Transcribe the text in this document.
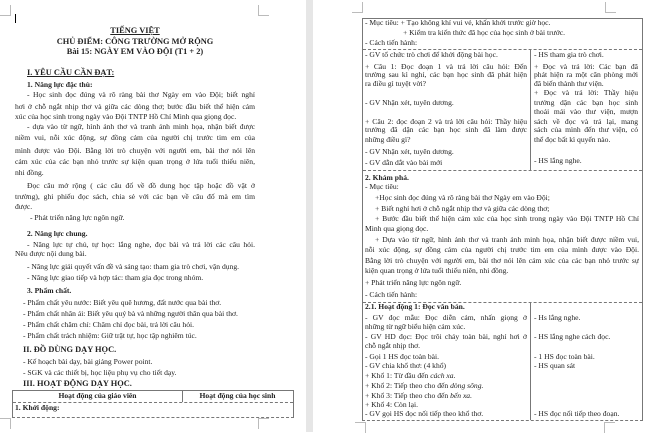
TIẾNG VIỆT
CHỦ ĐIỂM: CÔNG TRƯỜNG MỞ RỘNG
Bài 15: NGÀY EM VÀO ĐỘI (T1 + 2)
I. YÊU CẦU CẦN ĐẠT:
1. Năng lực đặc thù:
- Học sinh đọc đúng và rõ ràng bài thơ Ngày em vào Đội; biết nghỉ
hơi ở chỗ ngắt nhịp thơ và giữa các dòng thơ; bước đầu biết thể hiện cảm
xúc của học sinh trong ngày vào Đội TNTP Hồ Chí Minh qua giọng đọc.
- dựa vào từ ngữ, hình ảnh thơ và tranh ảnh minh họa, nhận biết được
niềm vui, nỗi xúc động, sự đồng cảm của người chị trước tim em của
mình được vào Đội. Bằng lời trò chuyện với người em, bài thơ nói lên
cảm xúc của các bạn nhỏ trước sự kiện quan trọng ở lứa tuổi thiếu niên,
nhi đồng.
Đọc câu mở rộng ( các câu đố về đồ dung học tập hoặc đồ vật ở
trường), ghi phiếu đọc sách, chia sẻ với các bạn về câu đố mà em tìm
được.
- Phát triển năng lực ngôn ngữ.
2. Năng lực chung.
- Năng lực tự chủ, tự học: lắng nghe, đọc bài và trả lời các câu hỏi.
Nêu được nội dung bài.
- Năng lực giải quyết vấn đề và sáng tạo: tham gia trò chơi, vận dụng.
- Năng lực giao tiếp và hợp tác: tham gia đọc trong nhóm.
3. Phẩm chất.
- Phẩm chất yêu nước: Biết yêu quê hương, đất nước qua bài thơ.
- Phẩm chất nhân ái: Biết yêu quý bà và những người thân qua bài thơ.
- Phẩm chất chăm chỉ: Chăm chỉ đọc bài, trả lời câu hỏi.
- Phẩm chất trách nhiệm: Giữ trật tự, học tập nghiêm túc.
II. ĐỒ DÙNG DẠY HỌC.
- Kế hoạch bài dạy, bài giảng Power point.
- SGK và các thiết bị, học liệu phụ vụ cho tiết dạy.
III. HOẠT ĐỘNG DẠY HỌC.
Hoạt động của giáo viên	Hoạt động của học sinh
1. Khởi động:
- Mục tiêu: + Tạo không khí vui vẻ, khấn khởi trước giờ học.
+ Kiểm tra kiến thức đã học của học sinh ở bài trước.
- Cách tiến hành:
- GV tổ chức trò chơi để khởi động bài học.
+ Câu 1: Đọc đoạn 1 và trả lời câu hỏi: Đến
trường sau kì nghỉ, các bạn học sinh đã phát hiện
ra điều gì tuyệt vời?
- GV Nhận xét, tuyên dương.
+ Câu 2: đọc đoạn 2 và trả lời câu hỏi: Thầy hiệu
trưởng đã dặn các bạn học sinh đã làm được
những điều gì?
- GV Nhận xét, tuyên dương.
- GV dẫn dắt vào bài mới
- HS tham gia trò chơi.
+ Đọc và trả lời: Các bạn đã
phát hiện ra một căn phòng mới
đã biến thành thư viện.
+ Đọc và trả lời: Thầy hiệu
trưởng dặn các bạn học sinh
thoải mái vào thư viện, mượn
sách về đọc và trả lại, mang
sách của mình đến thư viện, có
thể đọc bất kì quyển nào.
- HS lắng nghe.
2. Khám phá.
- Mục tiêu:
+Học sinh đọc đúng và rõ ràng bài thơ Ngày em vào Đội;
+ Biết nghỉ hơi ở chỗ ngắt nhịp thơ và giữa các dòng thơ;
+ Bước đầu biết thể hiện cảm xúc của học sinh trong ngày vào Đội TNTP Hồ Chí
Minh qua giọng đọc.
+ Dựa vào từ ngữ, hình ảnh thơ và tranh ảnh minh họa, nhận biết được niềm vui,
nỗi xúc động, sự đồng cảm của người chị trước tim em của mình được vào Đội.
Bằng lời trò chuyện với người em, bài thơ nói lên cảm xúc của các bạn nhỏ trước sự
kiện quan trọng ở lứa tuổi thiếu niên, nhi đồng.
+ Phát triển năng lực ngôn ngữ.
- Cách tiến hành:
2.1. Hoạt động 1: Đọc văn bản.
- GV đọc mẫu: Đọc diễn cảm, nhấn giọng ở
những từ ngữ biểu hiện cảm xúc.
- GV HD đọc: Đọc trôi chảy toàn bài, nghỉ hơi ở
chỗ ngắt nhịp thơ.
- Gọi 1 HS đọc toàn bài.
- GV chia khổ thơ: (4 khổ)
+ Khổ 1: Từ đầu đến cách xa.
+ Khổ 2: Tiếp theo cho đến dòng sông.
+ Khổ 3: Tiếp theo cho đến bến xa.
+ Khổ 4: Còn lại.
- GV gọi HS đọc nối tiếp theo khổ thơ.
- Hs lắng nghe.
- HS lắng nghe cách đọc.
- 1 HS đọc toàn bài.
- HS quan sát
- HS đọc nối tiếp theo đoạn.
